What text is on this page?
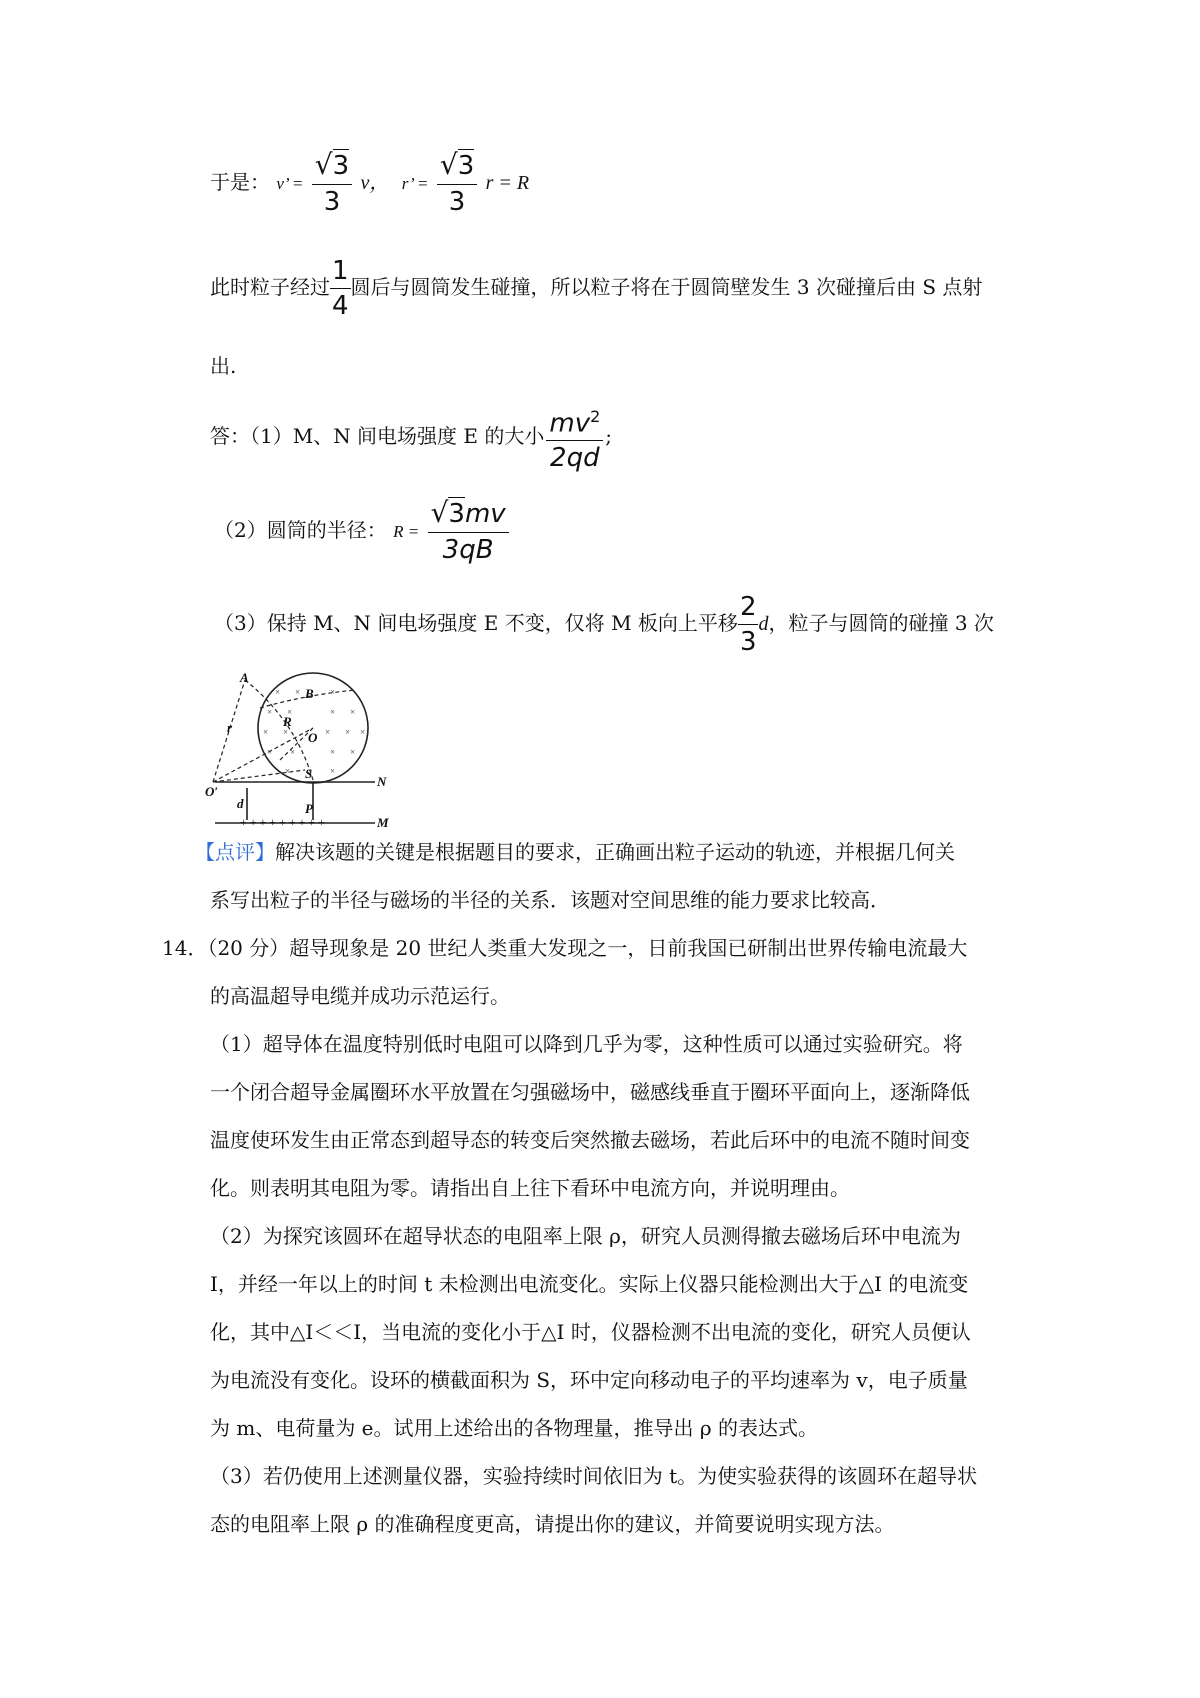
于是： v’ = $\frac{√3}{3}$ v， r’ = $\frac{√3}{3}$ r = R
此时粒子经过 $\frac{1}{4}$ 圆后与圆筒发生碰撞，所以粒子将在于圆筒壁发生 3 次碰撞后由 S 点射
出.
答：（1）M、N 间电场强度 E 的大小 $\frac{mv^2}{2qd}$ ;
（2）圆筒的半径： $R = \frac{√3mv}{3qB}$
（3）保持 M、N 间电场强度 E 不变，仅将 M 板向上平移 $\frac{2}{3}$ d，粒子与圆筒的碰撞 3 次
× ×	×
× ×	× ×
× ×	× × ×
× ×	× ×
×	×
A
B
R
O
r
O′
S
N
d	P
M
+ + + + + + + + +
【点评】解决该题的关键是根据题目的要求，正确画出粒子运动的轨迹，并根据几何关
系写出粒子的半径与磁场的半径的关系．该题对空间思维的能力要求比较高．
14．（20 分）超导现象是 20 世纪人类重大发现之一，日前我国已研制出世界传输电流最大
的高温超导电缆并成功示范运行。
（1）超导体在温度特别低时电阻可以降到几乎为零，这种性质可以通过实验研究。将
一个闭合超导金属圈环水平放置在匀强磁场中，磁感线垂直于圈环平面向上，逐渐降低
温度使环发生由正常态到超导态的转变后突然撤去磁场，若此后环中的电流不随时间变
化。则表明其电阻为零。请指出自上往下看环中电流方向，并说明理由。
（2）为探究该圆环在超导状态的电阻率上限 ρ，研究人员测得撤去磁场后环中电流为
I，并经一年以上的时间 t 未检测出电流变化。实际上仪器只能检测出大于△I 的电流变
化，其中△I＜＜I，当电流的变化小于△I 时，仪器检测不出电流的变化，研究人员便认
为电流没有变化。设环的横截面积为 S，环中定向移动电子的平均速率为 v，电子质量
为 m、电荷量为 e。试用上述给出的各物理量，推导出 ρ 的表达式。
（3）若仍使用上述测量仪器，实验持续时间依旧为 t。为使实验获得的该圆环在超导状
态的电阻率上限 ρ 的准确程度更高，请提出你的建议，并简要说明实现方法。
